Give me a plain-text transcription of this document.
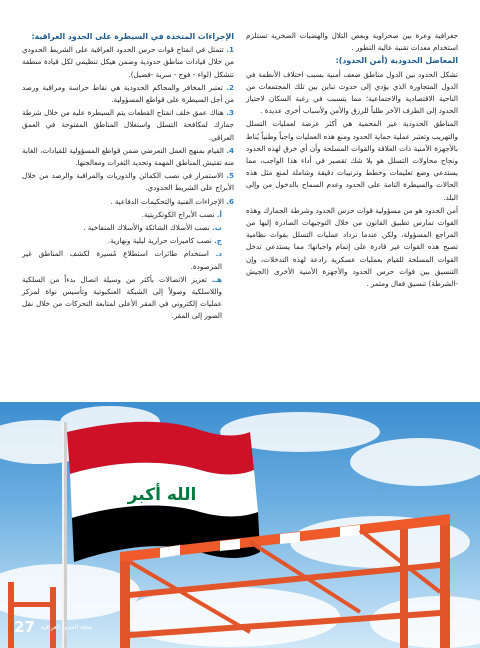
جغرافية وعرة بين صحراوية وبعض التلال والهضبات الصخرية تستلزم استخدام معدات تقنية عالية التطور .

المعاضل الحدودية (أمن الحدود):

تشكل الحدود بين الدول مناطق ضعف أمنية بسبب اختلاف الأنظمة في الدول المتجاورة الذي يؤدي إلى حدوث تباين بين تلك المجتمعات من الناحية الاقتصادية والاجتماعية؛ مما يتسبب في رغبة السكان لاجتياز الحدود إلى الطرف الآخر طلباً للرزق والأمن ولأسباب أخرى عديدة .

المناطق الحدودية غير المحمية هي أكثر عرضة لعمليات التسلل والتهريب وتعتبر عملية حماية الحدود ومنع هذه العمليات واجباً وطنياً يُناط بالأجهزة الأمنية ذات العلاقة والقوات المسلحة وأن أي خرق لهذه الحدود ونجاح محاولات التسلل هو بلا شك تقصير في أداء هذا الواجب، مما يستدعي وضع تعليمات وخطط وترتيبات دقيقة وشاملة لمنع مثل هذه الحالات والسيطرة التامة على الحدود وعدم السماح بالدخول من وإلى البلد.

أمن الحدود هو من مسؤولية قوات حرس الحدود وشرطة الجمارك وهذه القوات تمارس تطبيق القانون من خلال التوجيهات الصادرة إليها من المراجع المسؤولة، ولكن عندما تزداد عمليات التسلل بقوات نظامية تصبح هذه القوات غير قادرة على إتمام واجباتها؛ مما يستدعي تدخل القوات المسلحة للقيام بعمليات عسكرية رادعة لهذه التدخلات، وإن التنسيق بين قوات حرس الحدود والأجهزة الأمنية الأخرى (الجيش -الشرطة) تنسيق فعال ومثمر .

الإجراءات المتخذة في السيطرة على الحدود العراقية:

1. تتمثل في انفتاح قوات حرس الحدود العراقية على الشريط الحدودي من خلال قيادات مناطق حدودية وضمن هيكل تنظيمي لكل قيادة منطقة تتشكل (لواء - فوج - سرية -فصيل).

2. تعتبر المخافر والمحاكم الحدودية هي نقاط حراسة ومراقبة ورصد من أجل السيطرة على قواطع المسؤولية.

3. هناك عمق خلف انفتاح القطعات يتم السيطرة عليه من خلال شرطة جمارك لمكافحة التسلل واستغلال المناطق المفتوحة في العمق العراقي.

4. القيام بمنهج العمل التعرضي ضمن قواطع المسؤولية للقيادات، الغاية منه تفتيش المناطق المهمة وتحديد الثغرات ومعالجتها.

5. الاستمرار في نصب الكمائن والدوريات والمراقبة والرصد من خلال الأبراج على الشريط الحدودي.

6. الإجراءات الفنية والتحكيمات الدفاعية .

أ. نصب الأبراج الكونكريتية.

ب. نصب الأسلاك الشائكة والأسلاك المنفاخية .

ج. نصب كاميرات حرارية ليلية ونهارية.

د. استخدام طائرات استطلاع مُسيرة لكشف المناطق غير المرصودة.

هـ. تعزيز الاتصالات بأكثر من وسيلة اتصال بدءاً من السلكية واللاسلكية وصولاً إلى الشبكة العنكبوتية وتأسيس نواة لمركز عمليات إلكتروني في المقر الأعلى لمتابعة التحركات من خلال نقل الصور إلى المقر.

الله أكبر
27 مجلة الحدود العراقية
